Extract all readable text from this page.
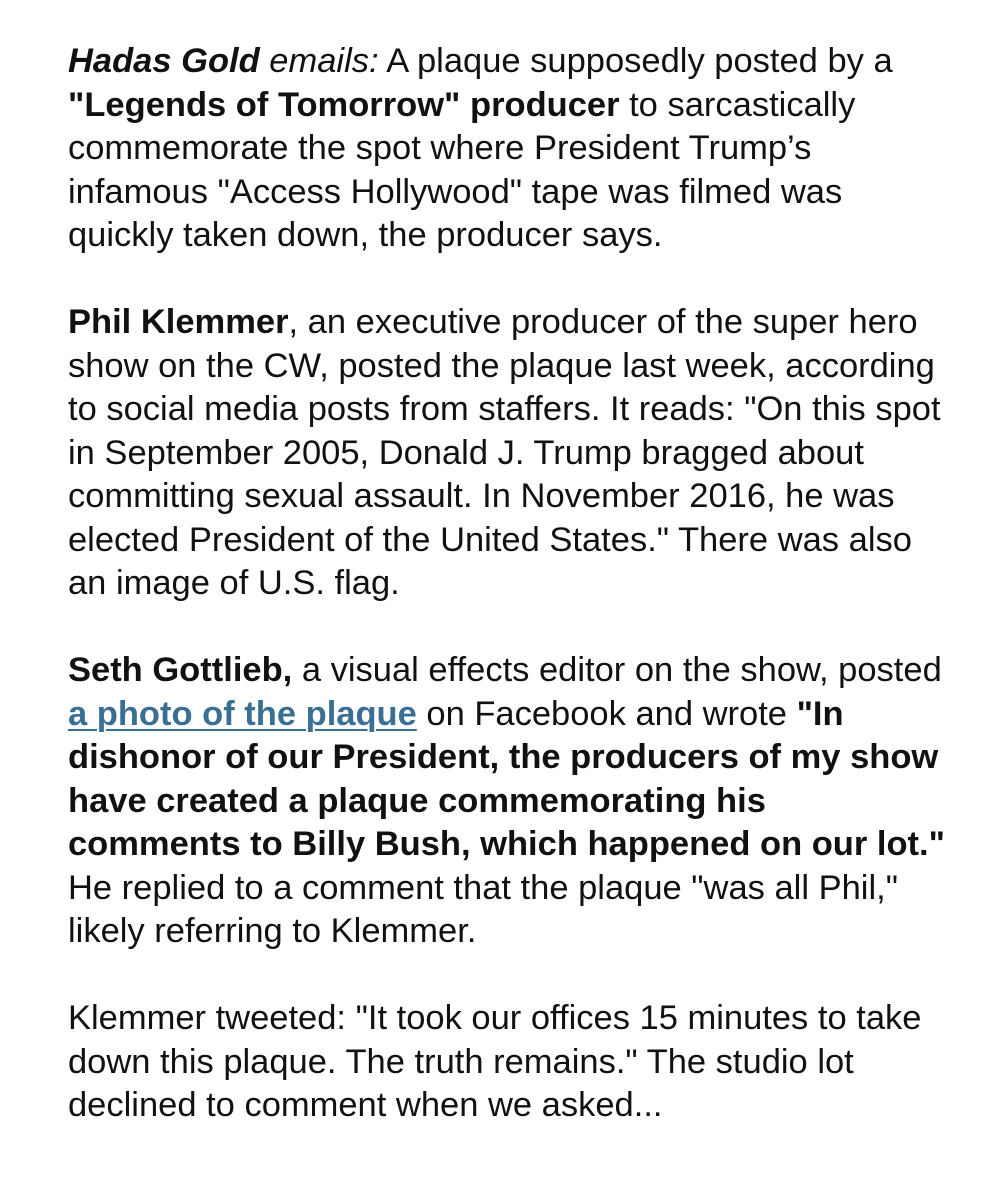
Hadas Gold emails: A plaque supposedly posted by a "Legends of Tomorrow" producer to sarcastically commemorate the spot where President Trump’s infamous "Access Hollywood" tape was filmed was quickly taken down, the producer says.

Phil Klemmer, an executive producer of the super hero show on the CW, posted the plaque last week, according to social media posts from staffers. It reads: "On this spot in September 2005, Donald J. Trump bragged about committing sexual assault. In November 2016, he was elected President of the United States." There was also an image of U.S. flag.

Seth Gottlieb, a visual effects editor on the show, posted a photo of the plaque on Facebook and wrote "In dishonor of our President, the producers of my show have created a plaque commemorating his comments to Billy Bush, which happened on our lot." He replied to a comment that the plaque "was all Phil," likely referring to Klemmer.

Klemmer tweeted: "It took our offices 15 minutes to take down this plaque. The truth remains." The studio lot declined to comment when we asked...
